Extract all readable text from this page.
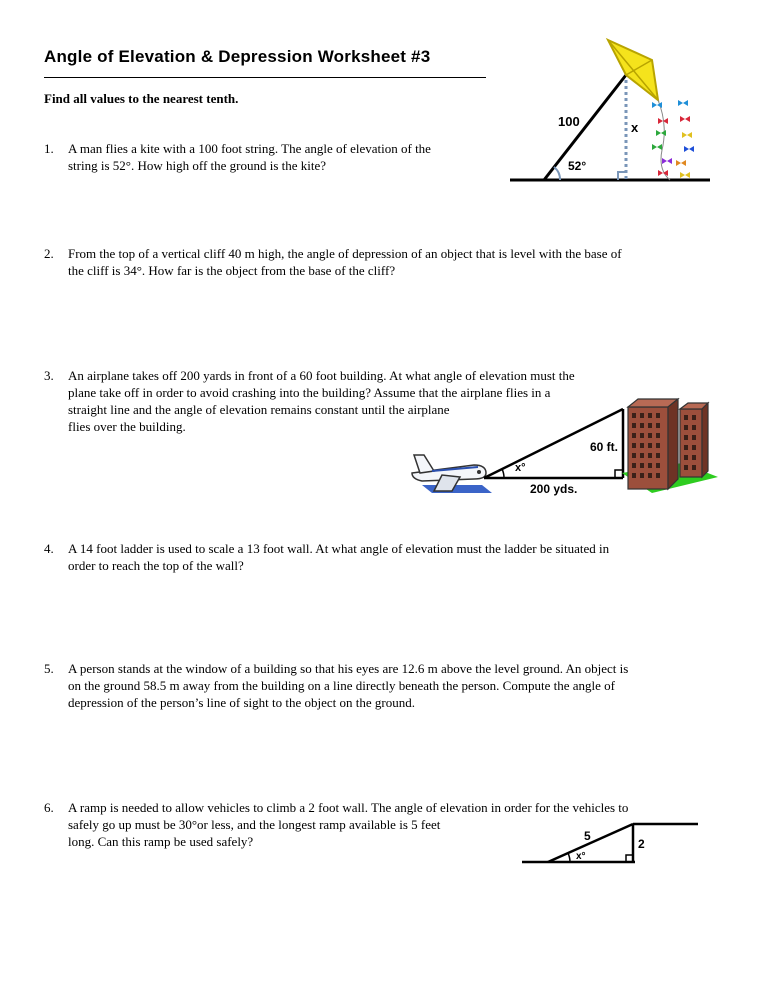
Angle of Elevation & Depression Worksheet #3
Find all values to the nearest tenth.
1. A man flies a kite with a 100 foot string. The angle of elevation of the
string is 52°. How high off the ground is the kite?
2. From the top of a vertical cliff 40 m high, the angle of depression of an object that is level with the base of
the cliff is 34°. How far is the object from the base of the cliff?
3. An airplane takes off 200 yards in front of a 60 foot building. At what angle of elevation must the
plane take off in order to avoid crashing into the building? Assume that the airplane flies in a
straight line and the angle of elevation remains constant until the airplane
flies over the building.
4. A 14 foot ladder is used to scale a 13 foot wall. At what angle of elevation must the ladder be situated in
order to reach the top of the wall?
5. A person stands at the window of a building so that his eyes are 12.6 m above the level ground. An object is
on the ground 58.5 m away from the building on a line directly beneath the person. Compute the angle of
depression of the person’s line of sight to the object on the ground.
6. A ramp is needed to allow vehicles to climb a 2 foot wall. The angle of elevation in order for the vehicles to
safely go up must be 30°or less, and the longest ramp available is 5 feet
long. Can this ramp be used safely?
100	x
52°
60 ft.
x°
200 yds.
5
2
x°
